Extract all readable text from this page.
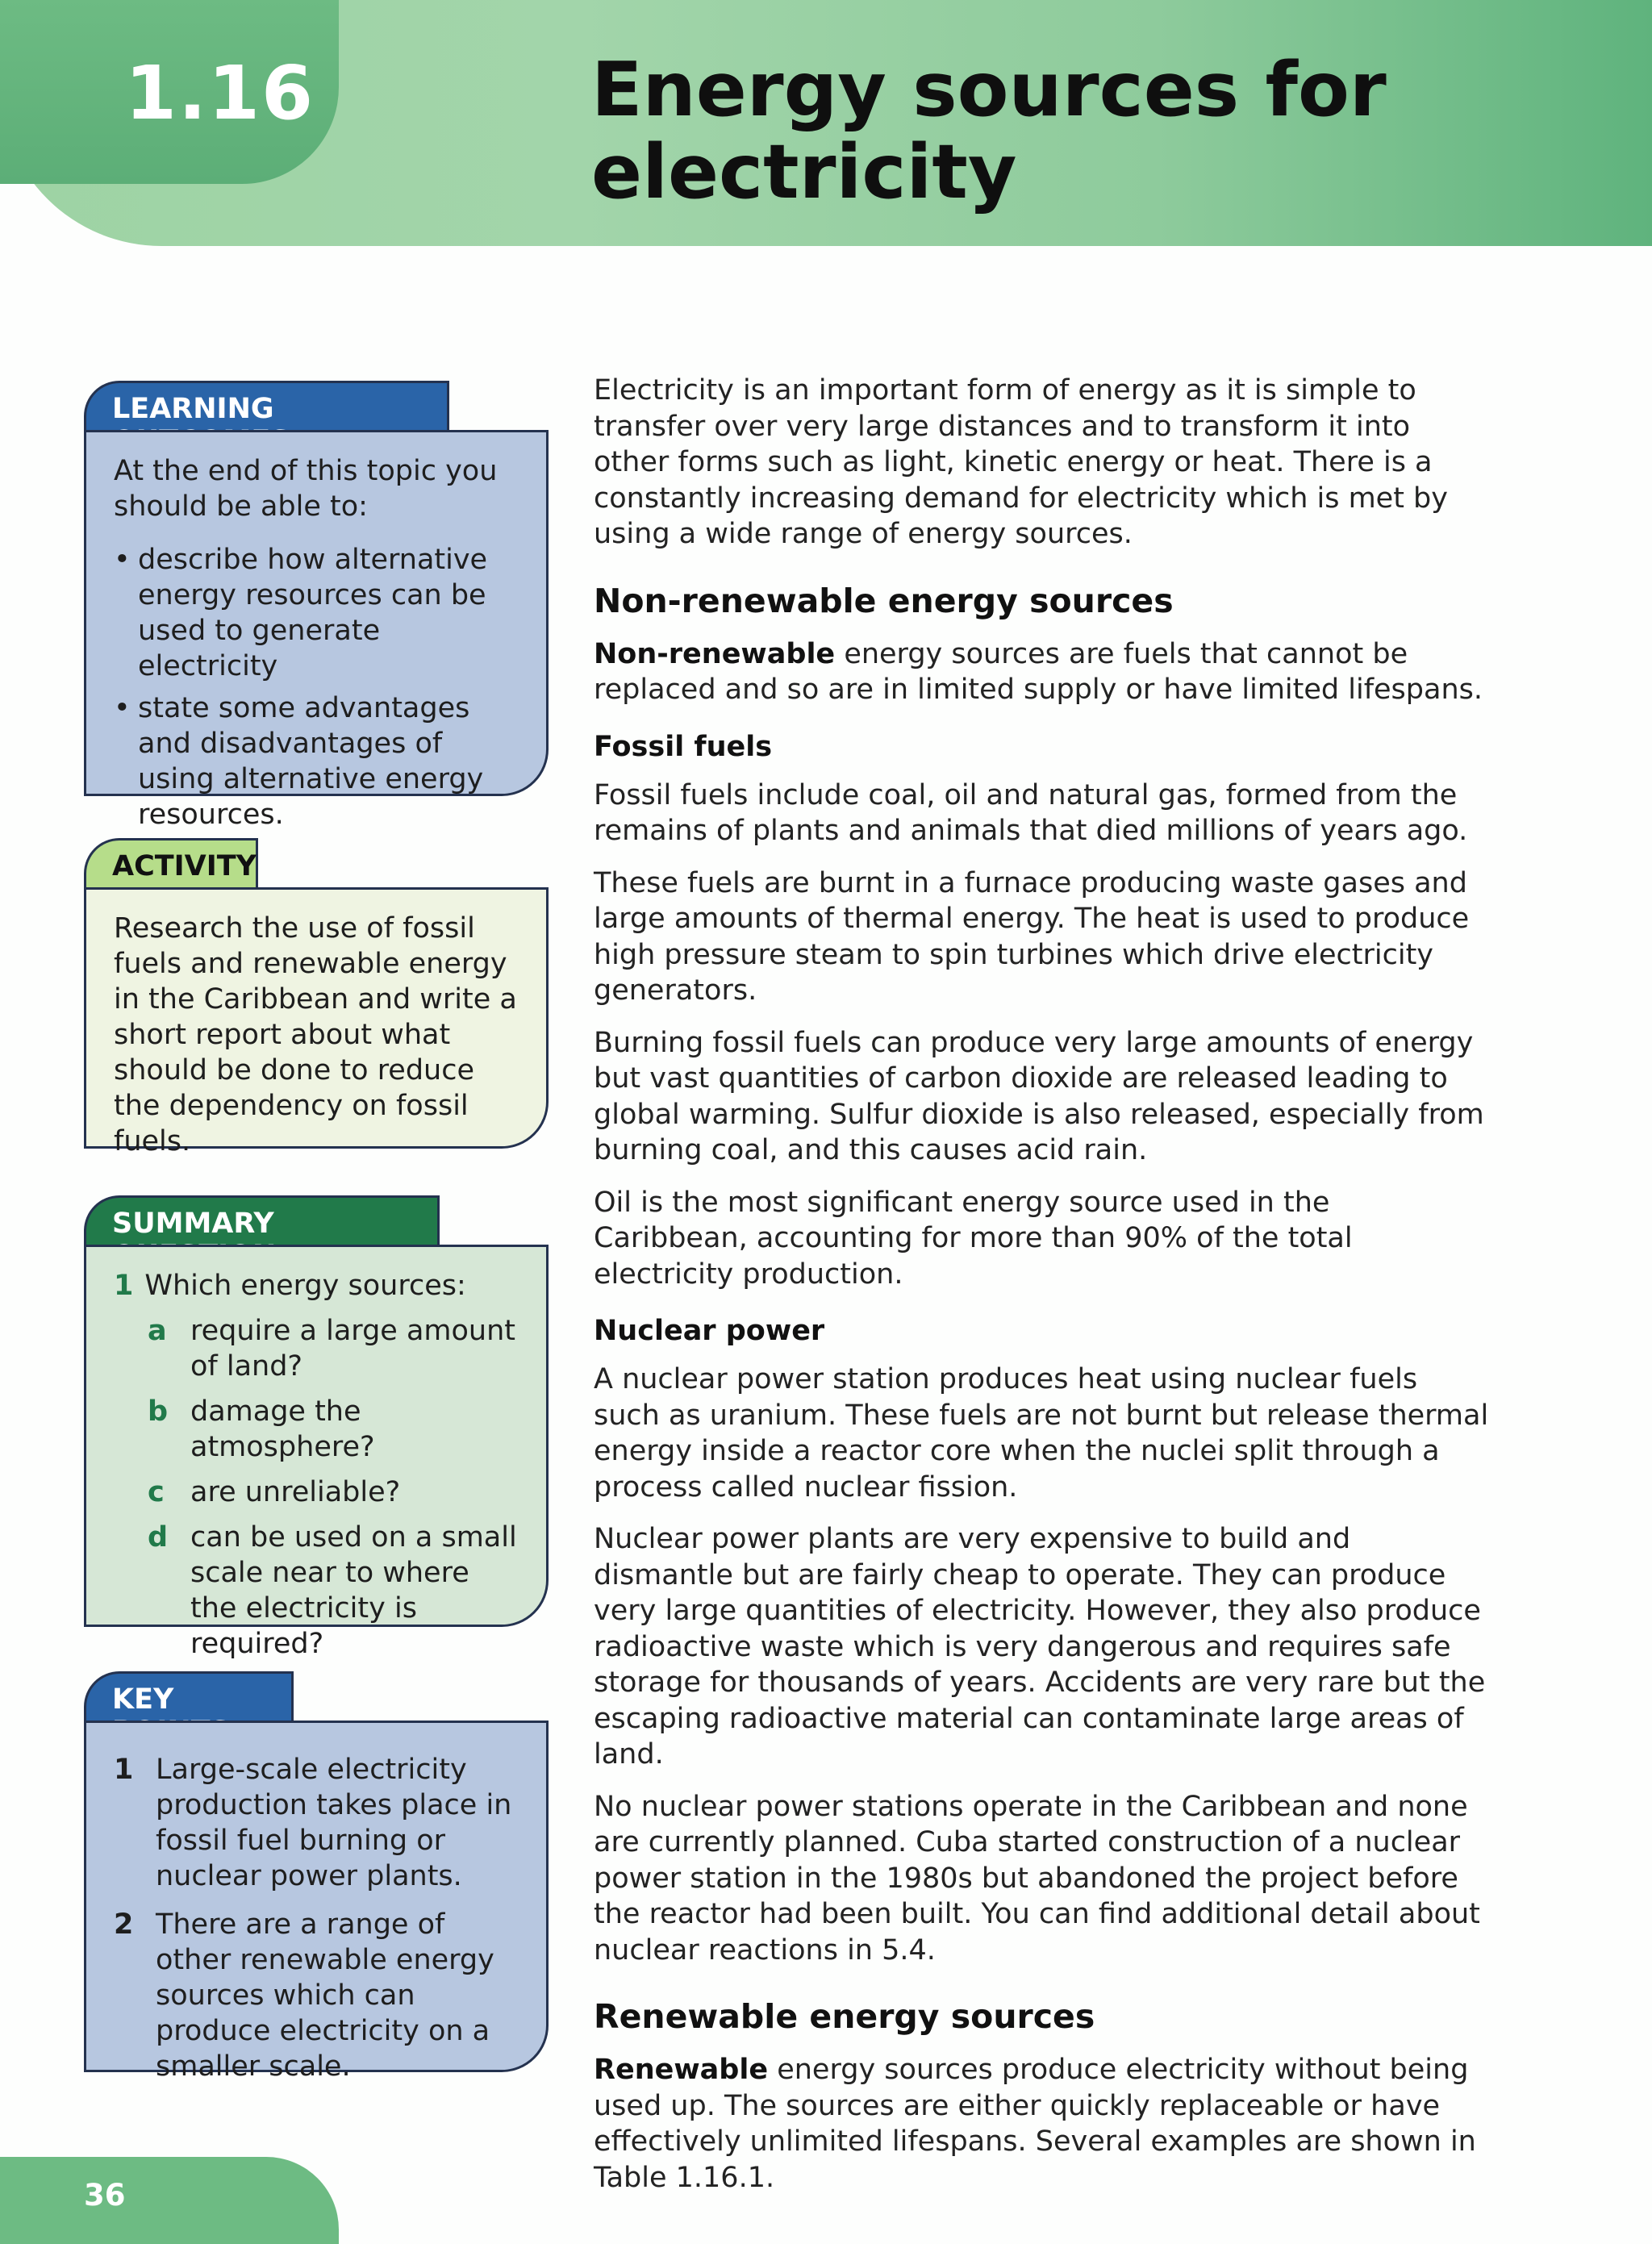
1.16	Energy sources for
electricity
LEARNING

At the end of this topic you should be able to:

• describe how alternative energy resources can be used to generate electricity

• state some advantages and disadvantages of using alternative energy resources.

ACTIVITY

Research the use of fossil fuels and renewable energy in the Caribbean and write a short report about what should be done to reduce the dependency on fossil fuels.

SUMMARY

1 Which energy sources:

a require a large amount of land?
b damage the atmosphere?
c are unreliable?
d can be used on a small scale near to where the electricity is required?
KEY
1 Large-scale electricity production takes place in fossil fuel burning or nuclear power plants.
2 There are a range of other renewable energy sources which can produce electricity on a smaller scale.

Electricity is an important form of energy as it is simple to transfer over very large distances and to transform it into other forms such as light, kinetic energy or heat. There is a constantly increasing demand for electricity which is met by using a wide range of energy sources.

Non-renewable energy sources

Non-renewable energy sources are fuels that cannot be replaced and so are in limited supply or have limited lifespans.

Fossil fuels

Fossil fuels include coal, oil and natural gas, formed from the remains of plants and animals that died millions of years ago.

These fuels are burnt in a furnace producing waste gases and large amounts of thermal energy. The heat is used to produce high pressure steam to spin turbines which drive electricity generators.

Burning fossil fuels can produce very large amounts of energy but vast quantities of carbon dioxide are released leading to global warming. Sulfur dioxide is also released, especially from burning coal, and this causes acid rain.

Oil is the most significant energy source used in the Caribbean, accounting for more than 90% of the total electricity production.

Nuclear power

A nuclear power station produces heat using nuclear fuels such as uranium. These fuels are not burnt but release thermal energy inside a reactor core when the nuclei split through a process called nuclear fission.

Nuclear power plants are very expensive to build and dismantle but are fairly cheap to operate. They can produce very large quantities of electricity. However, they also produce radioactive waste which is very dangerous and requires safe storage for thousands of years. Accidents are very rare but the escaping radioactive material can contaminate large areas of land.

No nuclear power stations operate in the Caribbean and none are currently planned. Cuba started construction of a nuclear power station in the 1980s but abandoned the project before the reactor had been built. You can find additional detail about nuclear reactions in 5.4.

Renewable energy sources

Renewable energy sources produce electricity without being used up. The sources are either quickly replaceable or have effectively unlimited lifespans. Several examples are shown in Table 1.16.1.

36
